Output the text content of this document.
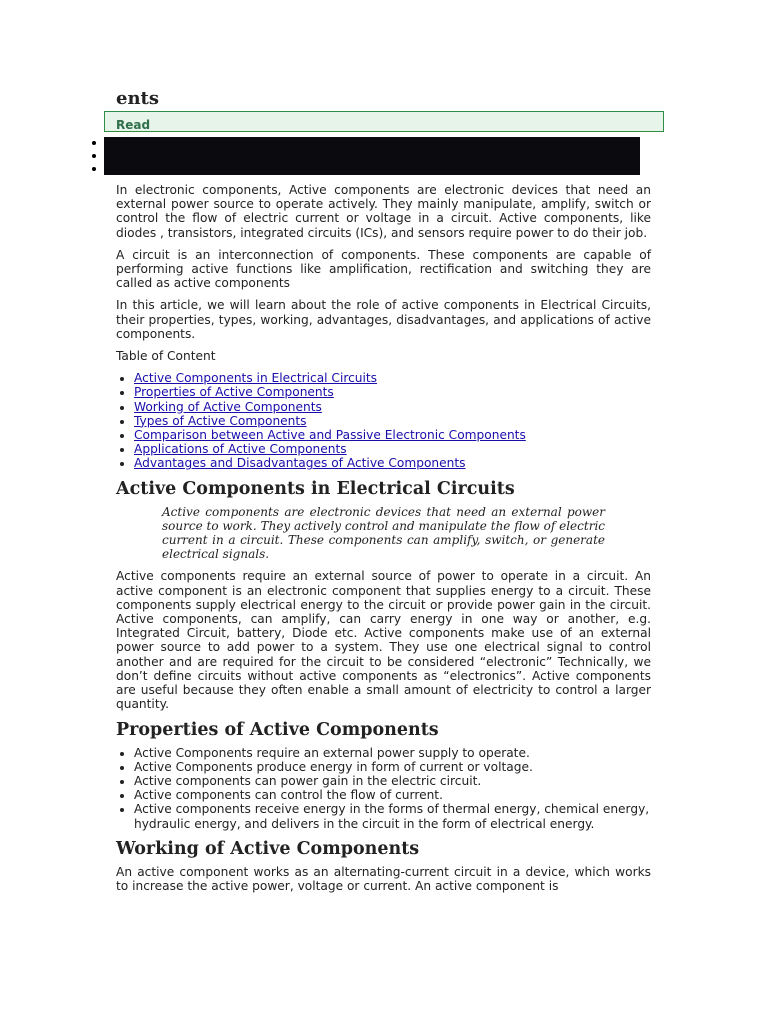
ents
Read

In electronic components, Active components are electronic devices that need an external power source to operate actively. They mainly manipulate, amplify, switch or control the flow of electric current or voltage in a circuit. Active components, like diodes , transistors, integrated circuits (ICs), and sensors require power to do their job.

A circuit is an interconnection of components. These components are capable of performing active functions like amplification, rectification and switching they are called as active components

In this article, we will learn about the role of active components in Electrical Circuits, their properties, types, working, advantages, disadvantages, and applications of active components.

Table of Content

• Active Components in Electrical Circuits
• Properties of Active Components
• Working of Active Components
• Types of Active Components
• Comparison between Active and Passive Electronic Components
• Applications of Active Components
• Advantages and Disadvantages of Active Components
Active Components in Electrical Circuits
Active components are electronic devices that need an external power source to work. They actively control and manipulate the flow of electric current in a circuit. These components can amplify, switch, or generate electrical signals.

Active components require an external source of power to operate in a circuit. An active component is an electronic component that supplies energy to a circuit. These components supply electrical energy to the circuit or provide power gain in the circuit. Active components, can amplify, can carry energy in one way or another, e.g. Integrated Circuit, battery, Diode etc. Active components make use of an external power source to add power to a system. They use one electrical signal to control another and are required for the circuit to be considered “electronic” Technically, we don’t define circuits without active components as “electronics”. Active components are useful because they often enable a small amount of electricity to control a larger quantity.

Properties of Active Components
• Active Components require an external power supply to operate.
• Active Components produce energy in form of current or voltage.
• Active components can power gain in the electric circuit.
• Active components can control the flow of current.
• Active components receive energy in the forms of thermal energy, chemical energy, hydraulic energy, and delivers in the circuit in the form of electrical energy.
Working of Active Components

An active component works as an alternating-current circuit in a device, which works to increase the active power, voltage or current. An active component is
